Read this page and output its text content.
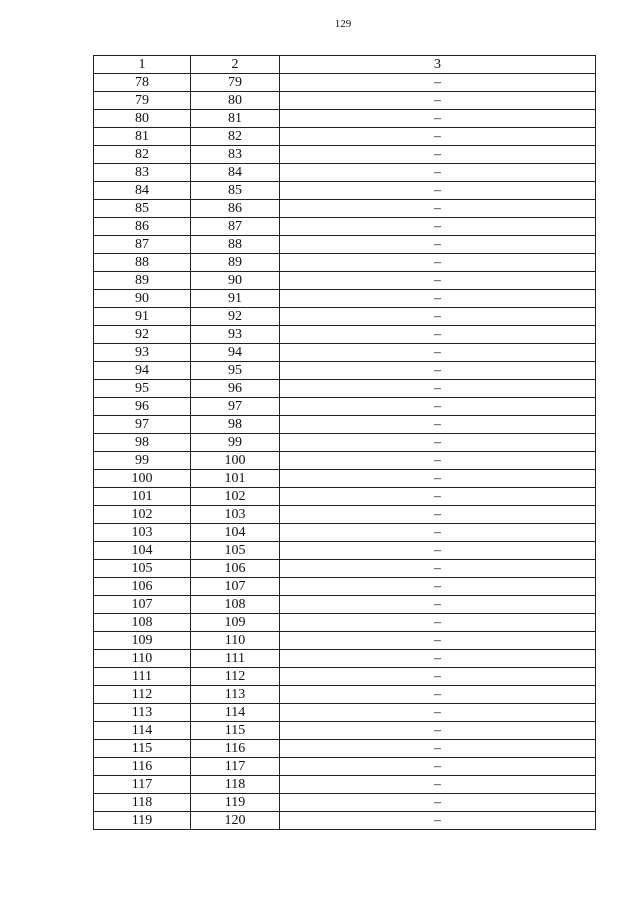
129
1	2	3
78	79	–
79	80	–
80	81	–
81	82	–
82	83	–
83	84	–
84	85	–
85	86	–
86	87	–
87	88	–
88	89	–
89	90	–
90	91	–
91	92	–
92	93	–
93	94	–
94	95	–
95	96	–
96	97	–
97	98	–
98	99	–
99	100	–
100	101	–
101	102	–
102	103	–
103	104	–
104	105	–
105	106	–
106	107	–
107	108	–
108	109	–
109	110	–
110	111	–
111	112	–
112	113	–
113	114	–
114	115	–
115	116	–
116	117	–
117	118	–
118	119	–
119	120	–
